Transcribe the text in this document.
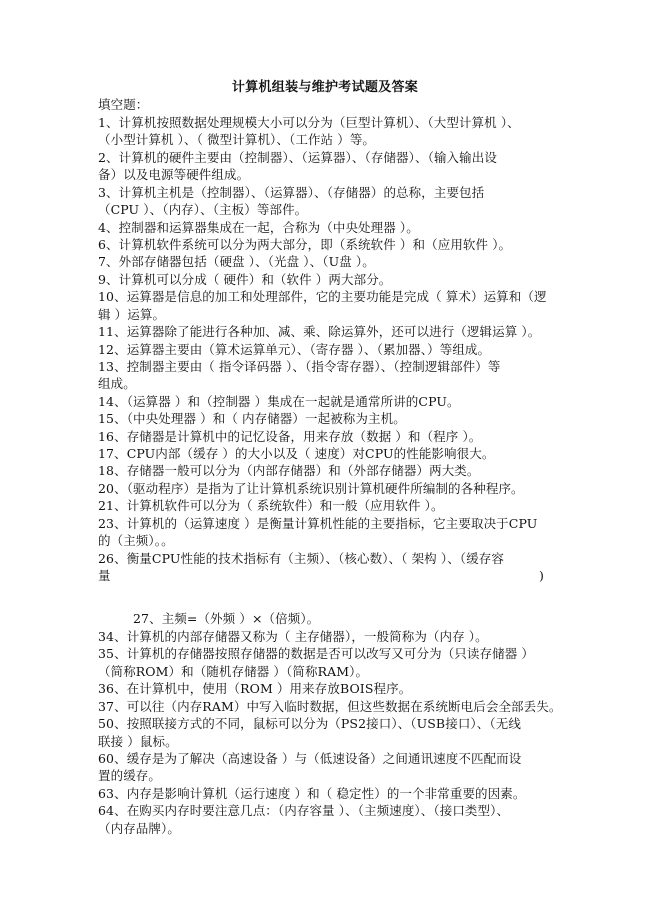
计算机组装与维护考试题及答案
填空题：
1、计算机按照数据处理规模大小可以分为（巨型计算机）、（大型计算机 ）、
（小型计算机 ）、（ 微型计算机）、（工作站 ）等。
2、计算机的硬件主要由（控制器）、（运算器）、（存储器）、（输入输出设
备）以及电源等硬件组成。
3、计算机主机是（控制器）、（运算器）、（存储器）的总称，主要包括
（CPU ）、（内存）、（主板）等部件。
4、控制器和运算器集成在一起，合称为（中央处理器 ）。
6、计算机软件系统可以分为两大部分，即（系统软件 ）和（应用软件 ）。
7、外部存储器包括（硬盘 ）、（光盘 ）、（U盘 ）。
9、计算机可以分成（ 硬件）和（软件 ）两大部分。
10、运算器是信息的加工和处理部件，它的主要功能是完成（ 算术）运算和（逻
辑 ）运算。
11、运算器除了能进行各种加、减、乘、除运算外，还可以进行（逻辑运算 ）。
12、运算器主要由（算术运算单元）、（寄存器 ）、（累加器、）等组成。
13、控制器主要由（ 指令译码器 ）、（指令寄存器）、（控制逻辑部件）等
组成。
14、（运算器 ）和（控制器 ）集成在一起就是通常所讲的CPU。
15、（中央处理器 ）和（ 内存储器）一起被称为主机。
16、存储器是计算机中的记忆设备，用来存放（数据 ）和（程序 ）。
17、CPU内部（缓存 ）的大小以及（ 速度）对CPU的性能影响很大。
18、存储器一般可以分为（内部存储器）和（外部存储器）两大类。
20、（驱动程序）是指为了让计算机系统识别计算机硬件所编制的各种程序。
21、计算机软件可以分为（ 系统软件）和一般（应用软件 ）。
23、计算机的（运算速度 ）是衡量计算机性能的主要指标，它主要取决于CPU
的（主频）。。
26、衡量CPU性能的技术指标有（主频）、（核心数）、（ 架构 ）、（缓存容
量	)
27、主频=（外频 ）×（倍频）。
34、计算机的内部存储器又称为（ 主存储器），一般简称为（内存 ）。
35、计算机的存储器按照存储器的数据是否可以改写又可分为（只读存储器 ）
（简称ROM）和（随机存储器 ）（简称RAM）。
36、在计算机中，使用（ROM ）用来存放BOIS程序。
37、可以往（内存RAM）中写入临时数据，但这些数据在系统断电后会全部丢失。
50、按照联接方式的不同，鼠标可以分为（PS2接口）、（USB接口）、（无线
联接 ）鼠标。
60、缓存是为了解决（高速设备 ）与（低速设备）之间通讯速度不匹配而设
置的缓存。
63、内存是影响计算机（运行速度 ）和（ 稳定性）的一个非常重要的因素。
64、在购买内存时要注意几点：（内存容量 ）、（主频速度）、（接口类型）、
（内存品牌）。
